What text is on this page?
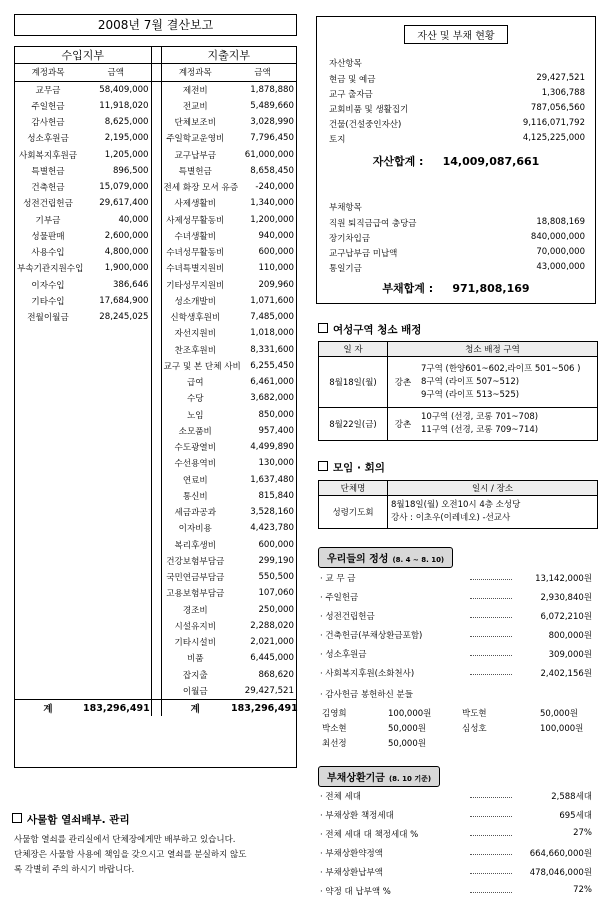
2008년 7월 결산보고
수입지부			지출지부	
계정과목	금액		계정과목	금액
교무금	58,409,000		제전비	1,878,880
주일헌금	11,918,020		전교비	5,489,660
감사헌금	8,625,000		단체보조비	3,028,990
성소후원금	2,195,000		주일학교운영비	7,796,450
사회복지후원금	1,205,000		교구납부금	61,000,000
특별헌금	896,500		특별헌금	8,658,450
건축헌금	15,079,000		전세 화장 모셔 유증	-240,000
성전건립헌금	29,617,400		사제생활비	1,340,000
기부금	40,000		사제성무활동비	1,200,000
성물판매	2,600,000		수녀생활비	940,000
사용수입	4,800,000		수녀성무활동비	600,000
부속기관지원수입	1,900,000		수녀특별지원비	110,000
이자수입	386,646		기타성무지원비	209,960
기타수입	17,684,900		성소개발비	1,071,600
전월이월금	28,245,025		신학생후원비	7,485,000
			자선지원비	1,018,000
			찬조후원비	8,331,600
			교구 및 본 단체 사비	6,255,450
			급여	6,461,000
			수당	3,682,000
			노임	850,000
			소모품비	957,400
			수도광열비	4,499,890
			수선용역비	130,000
			연료비	1,637,480
			통신비	815,840
			세금과공과	3,528,160
			이자비용	4,423,780
			복리후생비	600,000
			건강보험부담금	299,190
			국민연금부담금	550,500
			고용보험부담금	107,060
			경조비	250,000
			시설유지비	2,288,020
			기타시설비	2,021,000
			비품	6,445,000
			잡지출	868,620
			이월금	29,427,521
계	183,296,491		계	183,296,491
자산 및 부채 현황
자산항목
자산합계 : 14,009,087,661
부채항목
부채합계 : 971,808,169
현금 및 예금	29,427,521
교구 출자금	1,306,788
교회비품 및 생활집기	787,056,560
건물(건설중인자산)	9,116,071,792
토지	4,125,225,000
직원 퇴직금급여 충당금	18,808,169
장기차입금	840,000,000
교구납부금 미납액	70,000,000
통일기금	43,000,000
여성구역 청소 배정
일 자	청소 배정 구역	
8월18일(월)	강촌	7구역 (한양601~602,라이프 501~506 )
8구역 (라이프 507~512)
9구역 (라이프 513~525)

8월22일(금)	강촌	10구역 (선경, 코롱 701~708)
11구역 (선경, 코롱 709~714)
모임 · 회의
단체명	일시 / 장소
성령기도회	8월18일(월) 오전10시 4층 소성당
강사 : 이초우(이레네오) -선교사
우리들의 정성 (8. 4 ~ 8. 10)
· 교 무 금	13,142,000원
· 주일헌금	2,930,840원
· 성전건립헌금	6,072,210원
· 건축헌금(부채상환금포함)	800,000원
· 성소후원금	309,000원
· 사회복지후원(소화천사)	2,402,156원
· 감사헌금 봉헌하신 분들
김영희	100,000원	박도현	50,000원
박소현	50,000원	심성호	100,000원
최선정	50,000원
부채상환기금 (8. 10 기준)
· 전체 세대	2,588세대
· 부채상환 책정세대	695세대
· 전체 세대 대 책정세대 %	27%
· 부채상환약정액	664,660,000원
· 부채상환납부액	478,046,000원
· 약정 대 납부액 %	72%
사물함 열쇠배부. 관리
사물함 열쇠를 관리실에서 단체장에게만 배부하고 있습니다.
단체장은 사물함 사용에 책임을 갖으시고 열쇠를 분실하지 않도
록 각별히 주의 하시기 바랍니다.
